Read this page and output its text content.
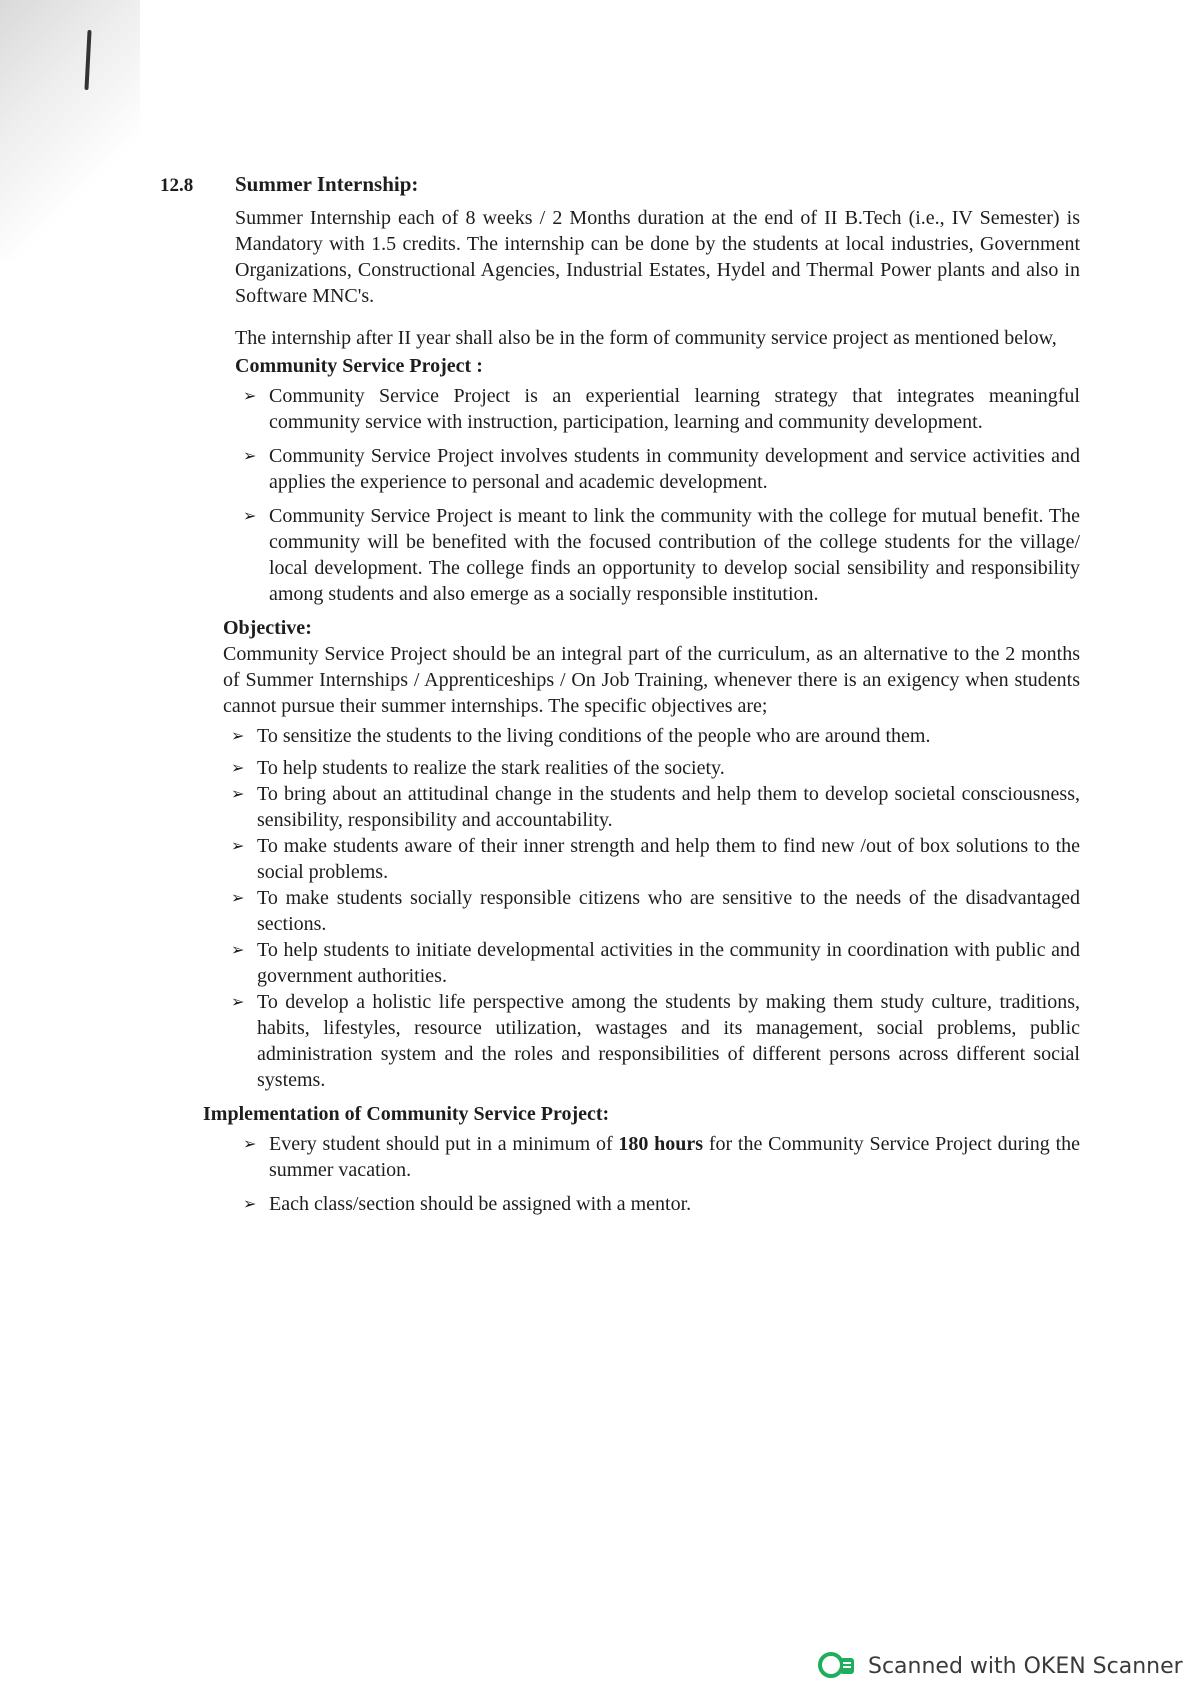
12.8	Summer Internship:

Summer Internship each of 8 weeks / 2 Months duration at the end of II B.Tech (i.e., IV Semester) is Mandatory with 1.5 credits. The internship can be done by the students at local industries, Government Organizations, Constructional Agencies, Industrial Estates, Hydel and Thermal Power plants and also in Software MNC's.

The internship after II year shall also be in the form of community service project as mentioned below,

Community Service Project :
➢ Community Service Project is an experiential learning strategy that integrates meaningful community service with instruction, participation, learning and community development.
➢ Community Service Project involves students in community development and service activities and applies the experience to personal and academic development.
➢ Community Service Project is meant to link the community with the college for mutual benefit. The community will be benefited with the focused contribution of the college students for the village/ local development. The college finds an opportunity to develop social sensibility and responsibility among students and also emerge as a socially responsible institution.
Objective:

Community Service Project should be an integral part of the curriculum, as an alternative to the 2 months of Summer Internships / Apprenticeships / On Job Training, whenever there is an exigency when students cannot pursue their summer internships. The specific objectives are;

➢ To sensitize the students to the living conditions of the people who are around them.
➢ To help students to realize the stark realities of the society.
➢ To bring about an attitudinal change in the students and help them to develop societal consciousness, sensibility, responsibility and accountability.
➢ To make students aware of their inner strength and help them to find new /out of box solutions to the social problems.
➢ To make students socially responsible citizens who are sensitive to the needs of the disadvantaged sections.
➢ To help students to initiate developmental activities in the community in coordination with public and government authorities.
➢ To develop a holistic life perspective among the students by making them study culture, traditions, habits, lifestyles, resource utilization, wastages and its management, social problems, public administration system and the roles and responsibilities of different persons across different social systems.
Implementation of Community Service Project:
➢ Every student should put in a minimum of 180 hours for the Community Service Project during the summer vacation.
➢ Each class/section should be assigned with a mentor.
Scanned with OKEN Scanner
